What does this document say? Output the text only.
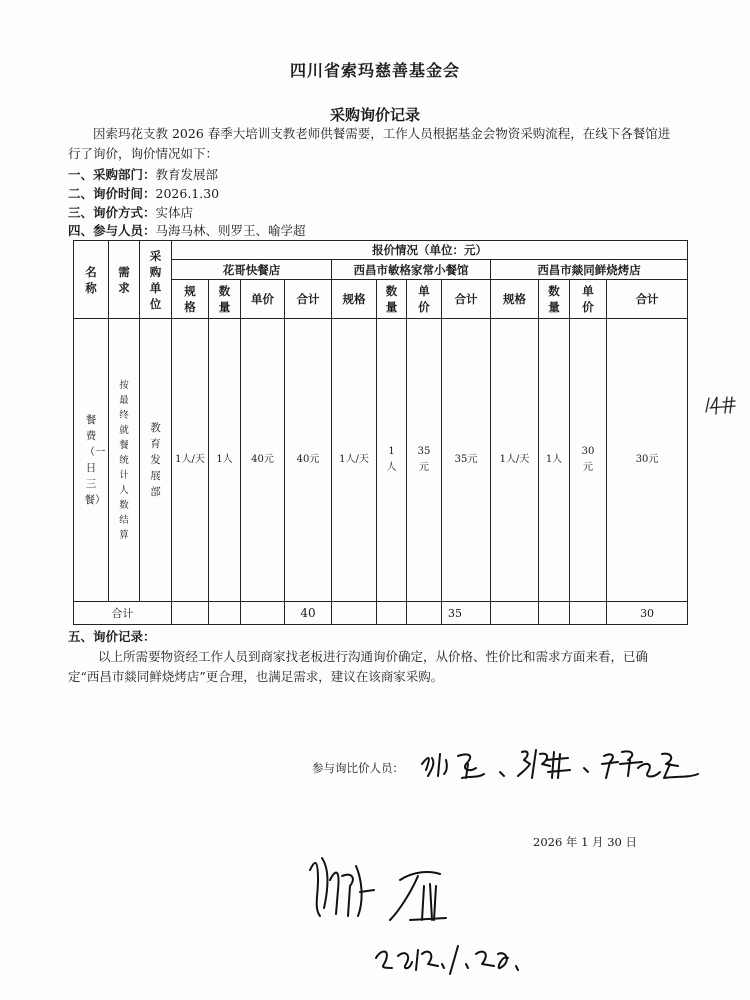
四川省索玛慈善基金会
采购询价记录
因索玛花支教 2026 春季大培训支教老师供餐需要，工作人员根据基金会物资采购流程，在线下各餐馆进行了询价，询价情况如下：
一、采购部门：教育发展部
二、询价时间：2026.1.30
三、询价方式：实体店
四、参与人员：马海马林、则罗王、喻学超
名称	需求	采购单位	报价情况（单位：元）											
			花哥快餐店				西昌市敏格家常小餐馆				西昌市燚同鲜烧烤店			
			规格	数量	单价	合计	规格	数量	单价	合计	规格	数量	单价	合计
餐费（一日三餐）	按最终就餐统计人数结算	教育发展部	1人/天	1人	40元	40元	1人/天	1人	35元	35元	1人/天	1人	30元	30元
合计						40				35				30
五、询价记录：
以上所需要物资经工作人员到商家找老板进行沟通询价确定，从价格、性价比和需求方面来看，已确定“西昌市燚同鲜烧烤店”更合理，也满足需求，建议在该商家采购。
参与询比价人员：
2026 年 1 月 30 日
